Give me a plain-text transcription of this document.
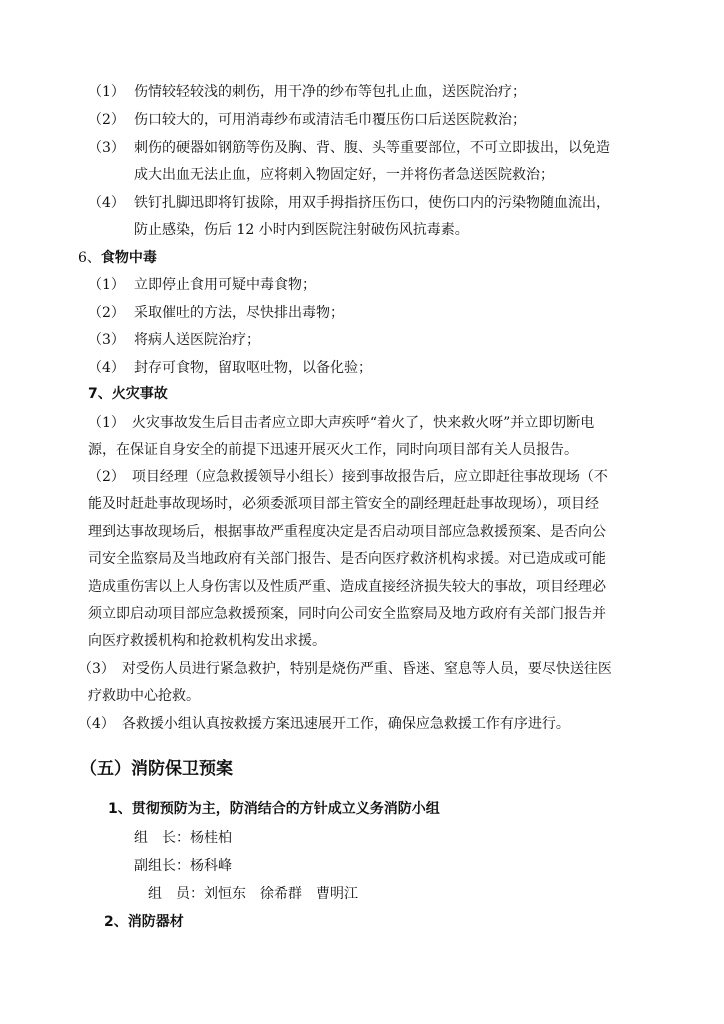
（1） 伤情较轻较浅的刺伤，用干净的纱布等包扎止血，送医院治疗；
（2） 伤口较大的，可用消毒纱布或清洁毛巾覆压伤口后送医院救治；
（3） 刺伤的硬器如钢筋等伤及胸、背、腹、头等重要部位，不可立即拔出，以免造
成大出血无法止血，应将刺入物固定好，一并将伤者急送医院救治；
（4） 铁钉扎脚迅即将钉拔除，用双手拇指挤压伤口，使伤口内的污染物随血流出，
防止感染，伤后 12 小时内到医院注射破伤风抗毒素。
6、食物中毒
（1） 立即停止食用可疑中毒食物；
（2） 采取催吐的方法，尽快排出毒物；
（3） 将病人送医院治疗；
（4） 封存可食物，留取呕吐物，以备化验；
7、火灾事故
（1）　火灾事故发生后目击者应立即大声疾呼“着火了，快来救火呀”并立即切断电
源，在保证自身安全的前提下迅速开展灭火工作，同时向项目部有关人员报告。
（2）　项目经理（应急救援领导小组长）接到事故报告后，应立即赶往事故现场（不
能及时赶赴事故现场时，必须委派项目部主管安全的副经理赶赴事故现场），项目经
理到达事故现场后，根据事故严重程度决定是否启动项目部应急救援预案、是否向公
司安全监察局及当地政府有关部门报告、是否向医疗救济机构求援。对已造成或可能
造成重伤害以上人身伤害以及性质严重、造成直接经济损失较大的事故，项目经理必
须立即启动项目部应急救援预案，同时向公司安全监察局及地方政府有关部门报告并
向医疗救援机构和抢救机构发出求援。
（3）　对受伤人员进行紧急救护，特别是烧伤严重、昏迷、窒息等人员，要尽快送往医
疗救助中心抢救。
（4）　各救援小组认真按救援方案迅速展开工作，确保应急救援工作有序进行。
（五）消防保卫预案
1、贯彻预防为主，防消结合的方针成立义务消防小组
组　长：杨桂柏
副组长：杨科峰
组　员：刘恒东　徐希群　曹明江
2、消防器材
